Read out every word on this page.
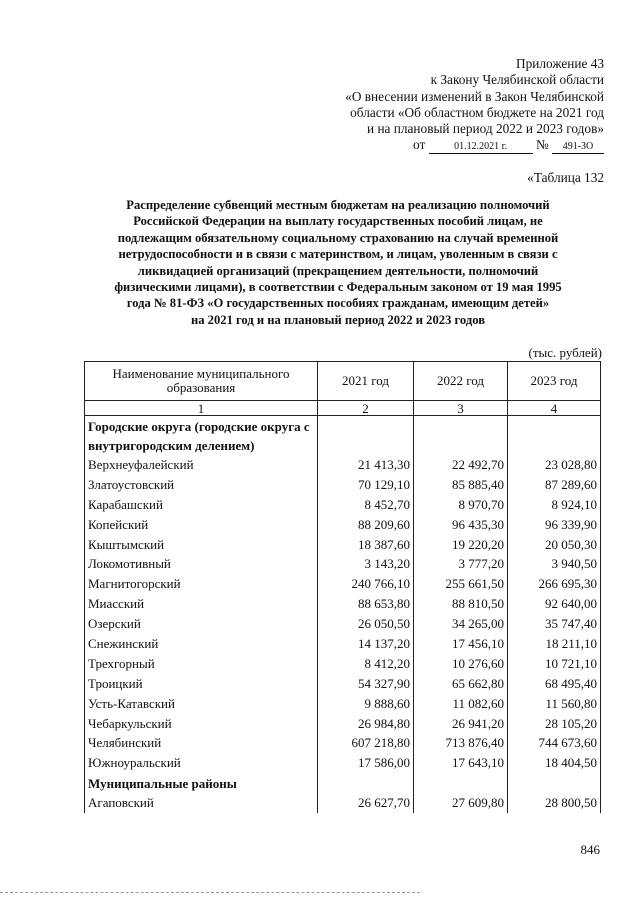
Приложение 43
к Закону Челябинской области
«О внесении изменений в Закон Челябинской
области «Об областном бюджете на 2021 год
и на плановый период 2022 и 2023 годов»
от	01.12.2021 г. № 491-ЗО
«Таблица 132
Распределение субвенций местным бюджетам на реализацию полномочий
Российской Федерации на выплату государственных пособий лицам, не
подлежащим обязательному социальному страхованию на случай временной
нетрудоспособности и в связи с материнством, и лицам, уволенным в связи с
ликвидацией организаций (прекращением деятельности, полномочий
физическими лицами), в соответствии с Федеральным законом от 19 мая 1995
года № 81-ФЗ «О государственных пособиях гражданам, имеющим детей»
на 2021 год и на плановый период 2022 и 2023 годов
(тыс. рублей)
Наименование муниципального образования	2021 год	2022 год	2023 год
1	2	3	4
Городские округа (городские округа с внутригородским делением)			
Верхнеуфалейский	21 413,30	22 492,70	23 028,80
Златоустовский	70 129,10	85 885,40	87 289,60
Карабашский	8 452,70	8 970,70	8 924,10
Копейский	88 209,60	96 435,30	96 339,90
Кыштымский	18 387,60	19 220,20	20 050,30
Локомотивный	3 143,20	3 777,20	3 940,50
Магнитогорский	240 766,10	255 661,50	266 695,30
Миасский	88 653,80	88 810,50	92 640,00
Озерский	26 050,50	34 265,00	35 747,40
Снежинский	14 137,20	17 456,10	18 211,10
Трехгорный	8 412,20	10 276,60	10 721,10
Троицкий	54 327,90	65 662,80	68 495,40
Усть-Катавский	9 888,60	11 082,60	11 560,80
Чебаркульский	26 984,80	26 941,20	28 105,20
Челябинский	607 218,80	713 876,40	744 673,60
Южноуральский	17 586,00	17 643,10	18 404,50
Муниципальные районы			
Агаповский	26 627,70	27 609,80	28 800,50
846
